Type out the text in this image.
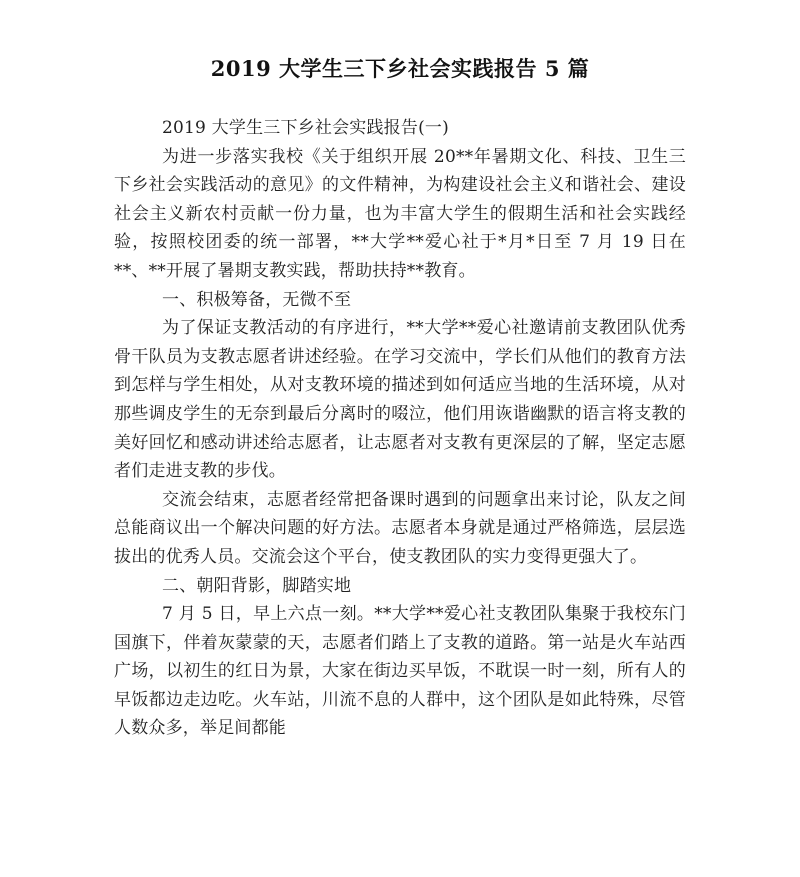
2019 大学生三下乡社会实践报告 5 篇

2019 大学生三下乡社会实践报告(一)

为进一步落实我校《关于组织开展 20**年暑期文化、科技、卫生三下乡社会实践活动的意见》的文件精神，为构建设社会主义和谐社会、建设社会主义新农村贡献一份力量，也为丰富大学生的假期生活和社会实践经验，按照校团委的统一部署，**大学**爱心社于*月*日至 7 月 19 日在**、**开展了暑期支教实践，帮助扶持**教育。

一、积极筹备，无微不至

为了保证支教活动的有序进行，**大学**爱心社邀请前支教团队优秀骨干队员为支教志愿者讲述经验。在学习交流中，学长们从他们的教育方法到怎样与学生相处，从对支教环境的描述到如何适应当地的生活环境，从对那些调皮学生的无奈到最后分离时的啜泣，他们用诙谐幽默的语言将支教的美好回忆和感动讲述给志愿者，让志愿者对支教有更深层的了解，坚定志愿者们走进支教的步伐。

交流会结束，志愿者经常把备课时遇到的问题拿出来讨论，队友之间总能商议出一个解决问题的好方法。志愿者本身就是通过严格筛选，层层选拔出的优秀人员。交流会这个平台，使支教团队的实力变得更强大了。

二、朝阳背影，脚踏实地

7 月 5 日，早上六点一刻。**大学**爱心社支教团队集聚于我校东门国旗下，伴着灰蒙蒙的天，志愿者们踏上了支教的道路。第一站是火车站西广场，以初生的红日为景，大家在街边买早饭，不耽误一时一刻，所有人的早饭都边走边吃。火车站，川流不息的人群中，这个团队是如此特殊，尽管人数众多，举足间都能
